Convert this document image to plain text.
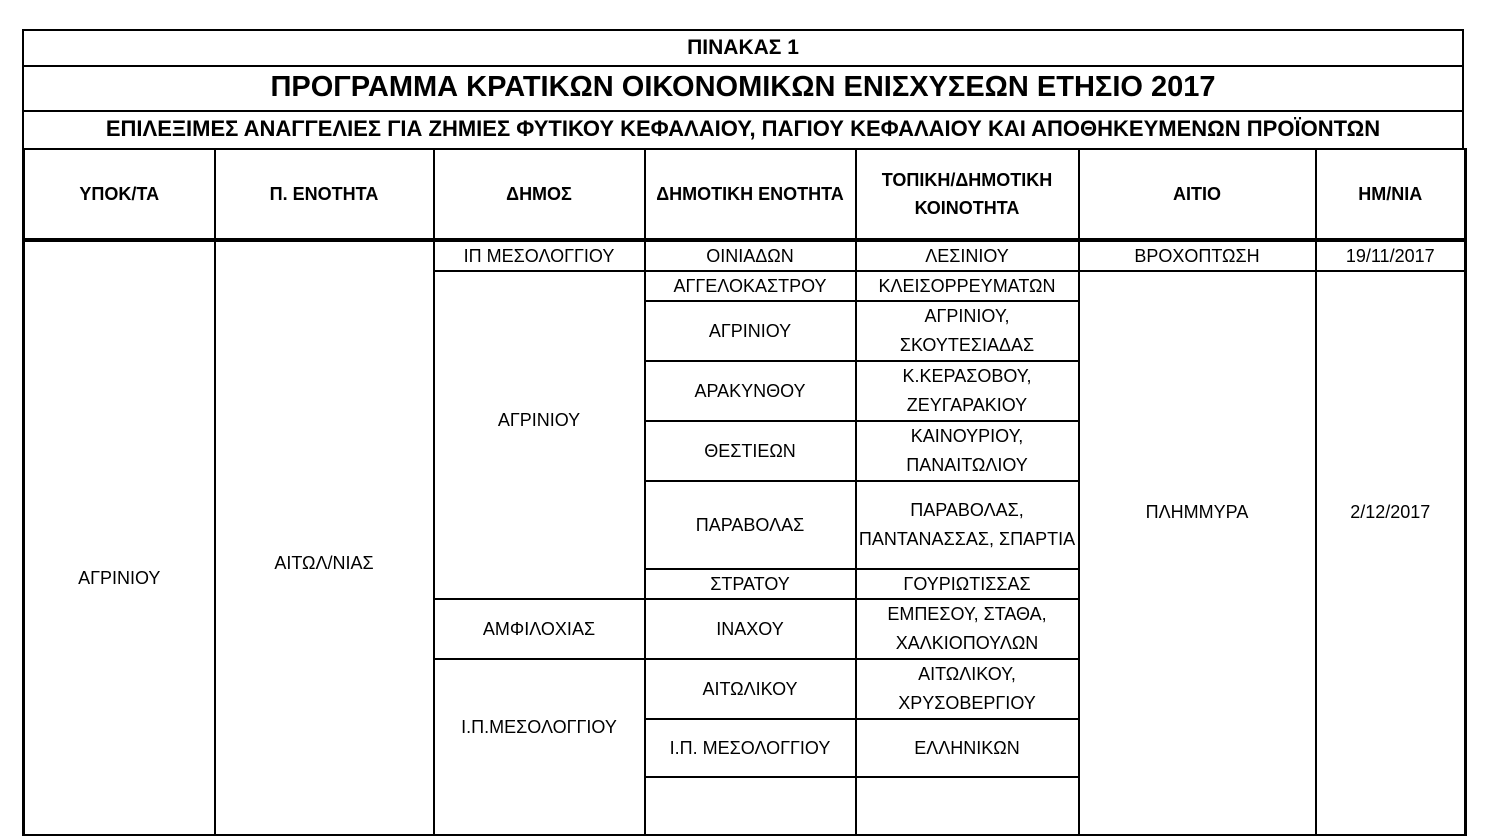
ΠΙΝΑΚΑΣ 1
ΠΡΟΓΡΑΜΜΑ ΚΡΑΤΙΚΩΝ ΟΙΚΟΝΟΜΙΚΩΝ ΕΝΙΣΧΥΣΕΩΝ ΕΤΗΣΙΟ 2017
ΕΠΙΛΕΞΙΜΕΣ ΑΝΑΓΓΕΛΙΕΣ ΓΙΑ ΖΗΜΙΕΣ ΦΥΤΙΚΟΥ ΚΕΦΑΛΑΙΟΥ, ΠΑΓΙΟΥ ΚΕΦΑΛΑΙΟΥ ΚΑΙ ΑΠΟΘΗΚΕΥΜΕΝΩΝ ΠΡΟΪΟΝΤΩΝ
ΥΠΟΚ/ΤΑ	Π. ΕΝΟΤΗΤΑ	ΔΗΜΟΣ	ΔΗΜΟΤΙΚΗ ΕΝΟΤΗΤΑ	ΤΟΠΙΚΗ/ΔΗΜΟΤΙΚΗ ΚΟΙΝΟΤΗΤΑ	ΑΙΤΙΟ	ΗΜ/ΝΙΑ
ΑΓΡΙΝΙΟΥ	ΑΙΤΩΛ/ΝΙΑΣ	ΙΠ ΜΕΣΟΛΟΓΓΙΟΥ	ΟΙΝΙΑΔΩΝ	ΛΕΣΙΝΙΟΥ	ΒΡΟΧΟΠΤΩΣΗ	19/11/2017
		ΑΓΡΙΝΙΟΥ	ΑΓΓΕΛΟΚΑΣΤΡΟΥ	ΚΛΕΙΣΟΡΡΕΥΜΑΤΩΝ	ΠΛΗΜΜΥΡΑ	2/12/2017
			ΑΓΡΙΝΙΟΥ	ΑΓΡΙΝΙΟΥ, ΣΚΟΥΤΕΣΙΑΔΑΣ		
			ΑΡΑΚΥΝΘΟΥ	Κ.ΚΕΡΑΣΟΒΟΥ, ΖΕΥΓΑΡΑΚΙΟΥ		
			ΘΕΣΤΙΕΩΝ	ΚΑΙΝΟΥΡΙΟΥ, ΠΑΝΑΙΤΩΛΙΟΥ		
			ΠΑΡΑΒΟΛΑΣ	ΠΑΡΑΒΟΛΑΣ, ΠΑΝΤΑΝΑΣΣΑΣ, ΣΠΑΡΤΙΑ		
			ΣΤΡΑΤΟΥ	ΓΟΥΡΙΩΤΙΣΣΑΣ		
		ΑΜΦΙΛΟΧΙΑΣ	ΙΝΑΧΟΥ	ΕΜΠΕΣΟΥ, ΣΤΑΘΑ, ΧΑΛΚΙΟΠΟΥΛΩΝ		
		Ι.Π.ΜΕΣΟΛΟΓΓΙΟΥ	ΑΙΤΩΛΙΚΟΥ	ΑΙΤΩΛΙΚΟΥ, ΧΡΥΣΟΒΕΡΓΙΟΥ		
			Ι.Π. ΜΕΣΟΛΟΓΓΙΟΥ	ΕΛΛΗΝΙΚΩΝ		
